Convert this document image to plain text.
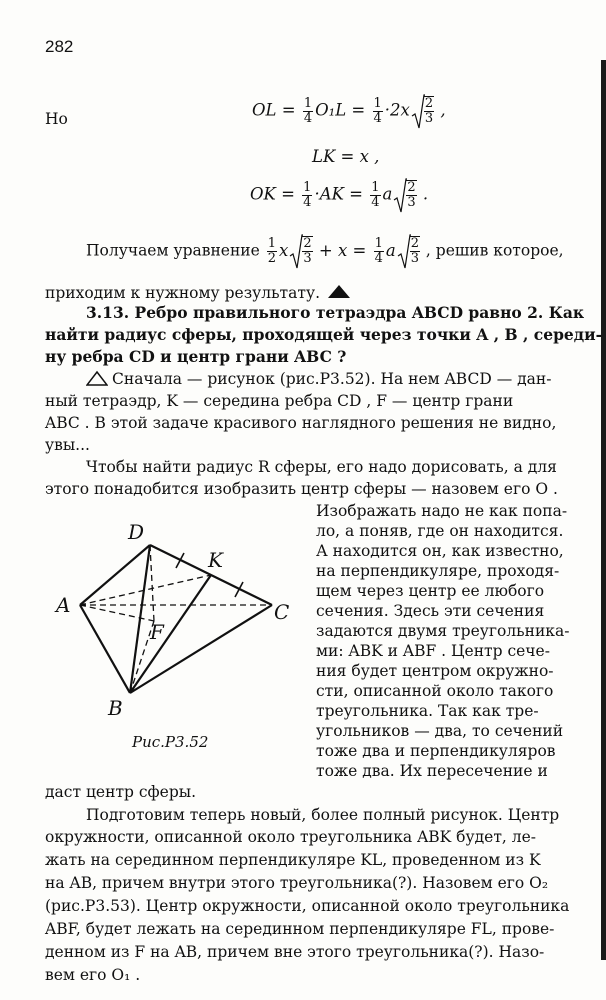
282
Но	OL = $\frac{1}{4} O_1L = \frac{1}{4} \cdot 2x \frac{2}{3}$ ,
LK = x ,
OK = $\frac{1}{4} \cdot AK = \frac{1}{4}$ a $\frac{2}{3}$ .
Получаем уравнение $\frac{1}{2}$ x $\frac{2}{3} + x = \frac{1}{4}$ a $\frac{2}{3}$ , решив которое,
приходим к нужному результату.
3.13. Ребро правильного тетраэдра ABCD равно 2. Как
найти радиус сферы, проходящей через точки A , B , середи-
ну ребра CD и центр грани ABC ?
Сначала — рисунок (рис.Р3.52). На нем ABCD — дан-
ный тетраэдр, K — середина ребра CD , F — центр грани
ABC . В этой задаче красивого наглядного решения не видно,
увы...
Чтобы найти радиус R сферы, его надо дорисовать, а для
этого понадобится изобразить центр сферы — назовем его O .
Изображать надо не как попа-
ло, а поняв, где он находится.
А находится он, как известно,
на перпендикуляре, проходя-
щем через центр ее любого
сечения. Здесь эти сечения
задаются двумя треугольника-
ми: ABK и ABF . Центр сече-
ния будет центром окружно-
сти, описанной около такого
треугольника. Так как тре-
угольников — два, то сечений
тоже два и перпендикуляров
тоже два. Их пересечение и
D
K
A	C
F
B
Рис.Р3.52
даст центр сферы.
Подготовим теперь новый, более полный рисунок. Центр
окружности, описанной около треугольника ABK будет, ле-
жать на серединном перпендикуляре KL, проведенном из K
на AB, причем внутри этого треугольника(?). Назовем его O₂
(рис.Р3.53). Центр окружности, описанной около треугольника
ABF, будет лежать на серединном перпендикуляре FL, прове-
денном из F на AB, причем вне этого треугольника(?). Назо-
вем его O₁ .
